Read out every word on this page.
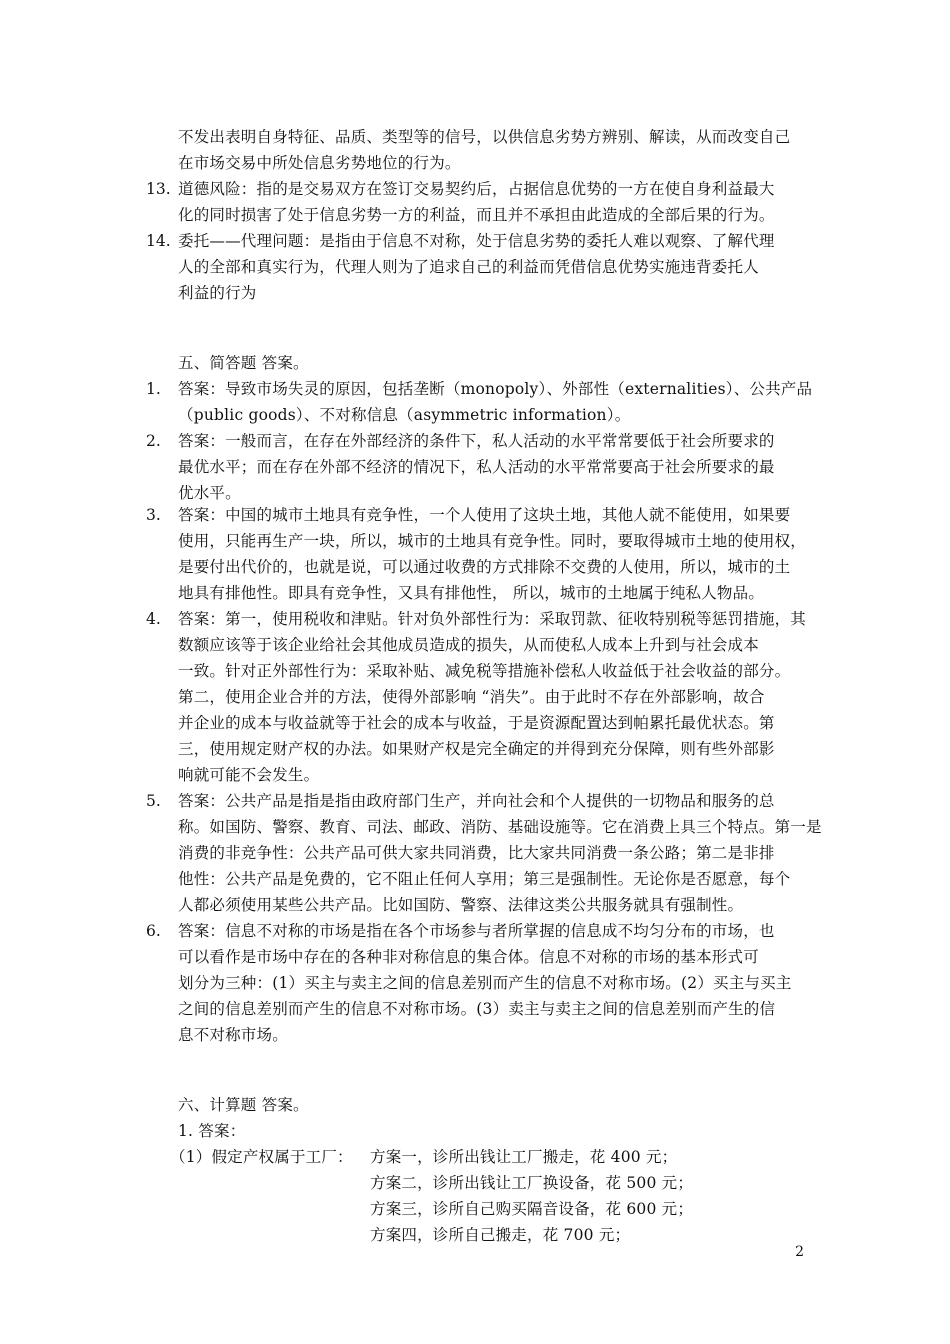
不发出表明自身特征、品质、类型等的信号，以供信息劣势方辨别、解读，从而改变自己
在市场交易中所处信息劣势地位的行为。
13. 道德风险：指的是交易双方在签订交易契约后，占据信息优势的一方在使自身利益最大
化的同时损害了处于信息劣势一方的利益，而且并不承担由此造成的全部后果的行为。
14. 委托——代理问题：是指由于信息不对称，处于信息劣势的委托人难以观察、了解代理
人的全部和真实行为，代理人则为了追求自己的利益而凭借信息优势实施违背委托人
利益的行为
五、简答题 答案。
1. 答案：导致市场失灵的原因，包括垄断（monopoly）、外部性（externalities）、公共产品
（public goods）、不对称信息（asymmetric information）。
2. 答案：一般而言，在存在外部经济的条件下，私人活动的水平常常要低于社会所要求的
最优水平；而在存在外部不经济的情况下，私人活动的水平常常要高于社会所要求的最
优水平。
3. 答案：中国的城市土地具有竞争性，一个人使用了这块土地，其他人就不能使用，如果要
使用，只能再生产一块，所以，城市的土地具有竞争性。同时，要取得城市土地的使用权，
是要付出代价的，也就是说，可以通过收费的方式排除不交费的人使用，所以，城市的土
地具有排他性。即具有竞争性，又具有排他性， 所以，城市的土地属于纯私人物品。
4. 答案：第一，使用税收和津贴。针对负外部性行为：采取罚款、征收特别税等惩罚措施，其
数额应该等于该企业给社会其他成员造成的损失，从而使私人成本上升到与社会成本
一致。针对正外部性行为：采取补贴、减免税等措施补偿私人收益低于社会收益的部分。
第二，使用企业合并的方法，使得外部影响 “消失”。由于此时不存在外部影响，故合
并企业的成本与收益就等于社会的成本与收益，于是资源配置达到帕累托最优状态。第
三，使用规定财产权的办法。如果财产权是完全确定的并得到充分保障，则有些外部影
响就可能不会发生。
5. 答案：公共产品是指是指由政府部门生产，并向社会和个人提供的一切物品和服务的总
称。如国防、警察、教育、司法、邮政、消防、基础设施等。它在消费上具三个特点。第一是
消费的非竞争性：公共产品可供大家共同消费，比大家共同消费一条公路；第二是非排
他性：公共产品是免费的，它不阻止任何人享用；第三是强制性。无论你是否愿意，每个
人都必须使用某些公共产品。比如国防、警察、法律这类公共服务就具有强制性。
6. 答案：信息不对称的市场是指在各个市场参与者所掌握的信息成不均匀分布的市场，也
可以看作是市场中存在的各种非对称信息的集合体。信息不对称的市场的基本形式可
划分为三种：(1）买主与卖主之间的信息差别而产生的信息不对称市场。(2）买主与买主
之间的信息差别而产生的信息不对称市场。(3）卖主与卖主之间的信息差别而产生的信
息不对称市场。
六、计算题 答案。
1. 答案：
（1）假定产权属于工厂： 方案一，诊所出钱让工厂搬走，花 400 元；
方案二，诊所出钱让工厂换设备，花 500 元；
方案三，诊所自己购买隔音设备，花 600 元；
方案四，诊所自己搬走，花 700 元；
2
